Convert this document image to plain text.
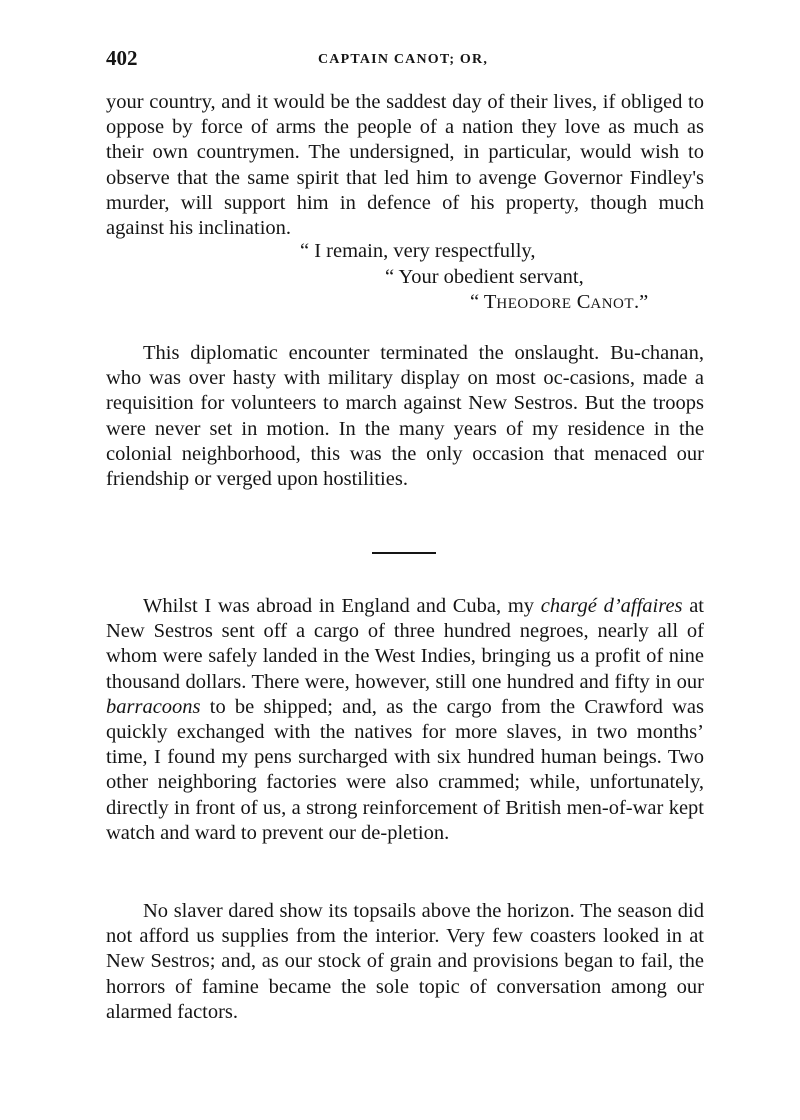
402	CAPTAIN CANOT; OR,

your country, and it would be the saddest day of their lives, if obliged to oppose by force of arms the people of a nation they love as much as their own countrymen. The undersigned, in particular, would wish to observe that the same spirit that led him to avenge Governor Findley's murder, will support him in defence of his property, though much against his inclination.

“ I remain, very respectfully,
“ Your obedient servant,
“ THEODORE CANOT.”

This diplomatic encounter terminated the onslaught. Bu-chanan, who was over hasty with military display on most oc-casions, made a requisition for volunteers to march against New Sestros. But the troops were never set in motion. In the many years of my residence in the colonial neighborhood, this was the only occasion that menaced our friendship or verged upon hostilities.

Whilst I was abroad in England and Cuba, my chargé d’affaires at New Sestros sent off a cargo of three hundred negroes, nearly all of whom were safely landed in the West Indies, bringing us a profit of nine thousand dollars. There were, however, still one hundred and fifty in our barracoons to be shipped; and, as the cargo from the Crawford was quickly exchanged with the natives for more slaves, in two months’ time, I found my pens surcharged with six hundred human beings. Two other neighboring factories were also crammed; while, unfortunately, directly in front of us, a strong reinforcement of British men-of-war kept watch and ward to prevent our de-pletion.

No slaver dared show its topsails above the horizon. The season did not afford us supplies from the interior. Very few coasters looked in at New Sestros; and, as our stock of grain and provisions began to fail, the horrors of famine became the sole topic of conversation among our alarmed factors.
